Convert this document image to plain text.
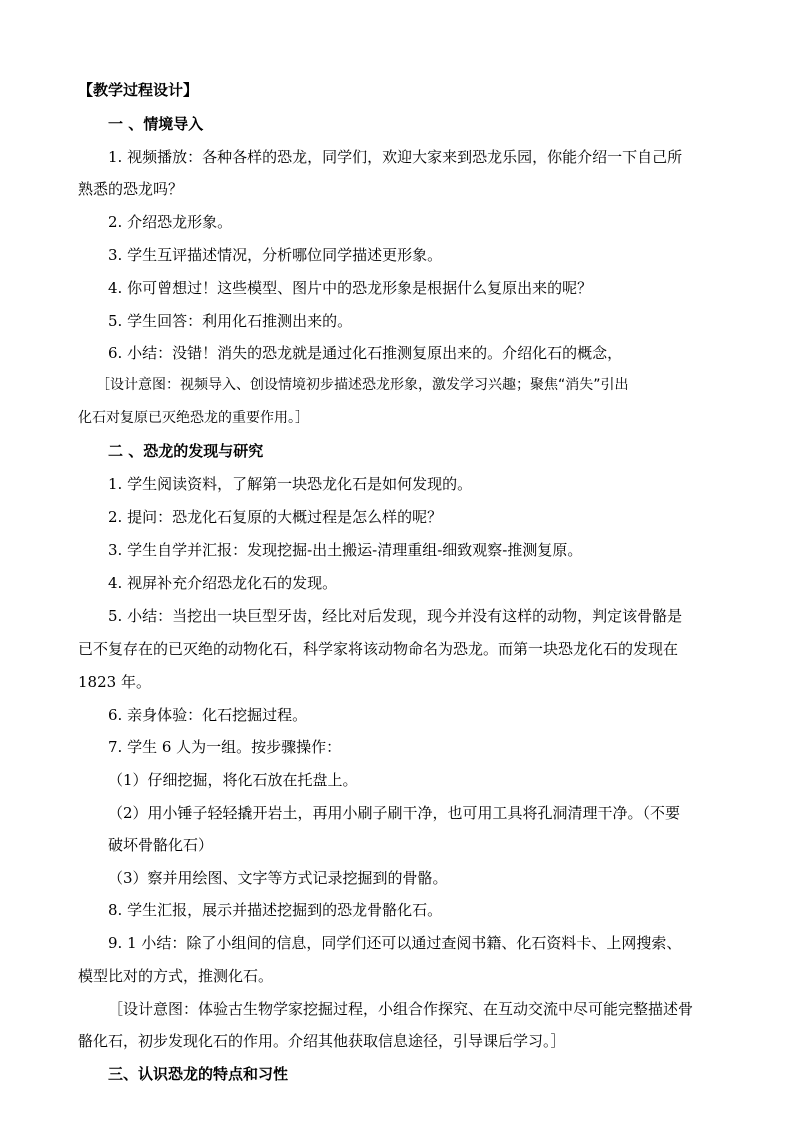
【教学过程设计】
一 、情境导入
1. 视频播放：各种各样的恐龙，同学们，欢迎大家来到恐龙乐园，你能介绍一下自己所
熟悉的恐龙吗？
2. 介绍恐龙形象。
3. 学生互评描述情况，分析哪位同学描述更形象。
4. 你可曾想过！这些模型、图片中的恐龙形象是根据什么复原出来的呢？
5. 学生回答：利用化石推测出来的。
6. 小结：没错！消失的恐龙就是通过化石推测复原出来的。介绍化石的概念，
［设计意图：视频导入、创设情境初步描述恐龙形象，激发学习兴趣；聚焦“消失”引出
化石对复原已灭绝恐龙的重要作用。］
二 、恐龙的发现与研究
1. 学生阅读资料，了解第一块恐龙化石是如何发现的。
2. 提问：恐龙化石复原的大概过程是怎么样的呢？
3. 学生自学并汇报：发现挖掘-出土搬运-清理重组-细致观察-推测复原。
4. 视屏补充介绍恐龙化石的发现。
5. 小结：当挖出一块巨型牙齿，经比对后发现，现今并没有这样的动物，判定该骨骼是
已不复存在的已灭绝的动物化石，科学家将该动物命名为恐龙。而第一块恐龙化石的发现在
1823 年。
6. 亲身体验：化石挖掘过程。
7. 学生 6 人为一组。按步骤操作：
（1）仔细挖掘，将化石放在托盘上。
（2）用小锤子轻轻撬开岩土，再用小刷子刷干净，也可用工具将孔洞清理干净。（不要
破坏骨骼化石）
（3）察并用绘图、文字等方式记录挖掘到的骨骼。
8. 学生汇报，展示并描述挖掘到的恐龙骨骼化石。
9. 1 小结：除了小组间的信息，同学们还可以通过查阅书籍、化石资料卡、上网搜索、
模型比对的方式，推测化石。
［设计意图：体验古生物学家挖掘过程，小组合作探究、在互动交流中尽可能完整描述骨
骼化石，初步发现化石的作用。介绍其他获取信息途径，引导课后学习。］
三、认识恐龙的特点和习性
